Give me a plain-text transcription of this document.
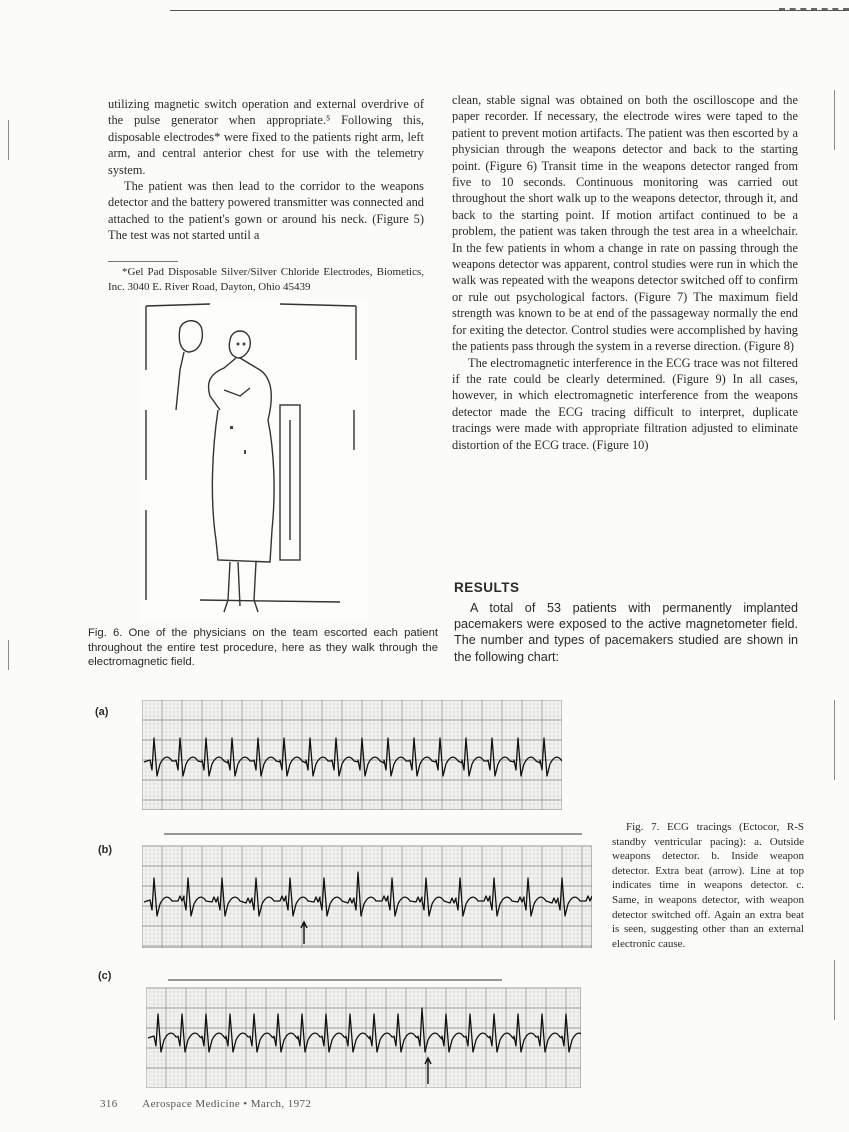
utilizing magnetic switch operation and external overdrive of the pulse generator when appropriate.⁵ Following this, disposable electrodes* were fixed to the patients right arm, left arm, and central anterior chest for use with the telemetry system.

The patient was then lead to the corridor to the weapons detector and the battery powered transmitter was connected and attached to the patient's gown or around his neck. (Figure 5) The test was not started until a

*Gel Pad Disposable Silver/Silver Chloride Electrodes, Biometics, Inc. 3040 E. River Road, Dayton, Ohio 45439
Fig. 6. One of the physicians on the team escorted each patient throughout the entire test procedure, here as they walk through the electromagnetic field.

clean, stable signal was obtained on both the oscilloscope and the paper recorder. If necessary, the electrode wires were taped to the patient to prevent motion artifacts. The patient was then escorted by a physician through the weapons detector and back to the starting point. (Figure 6) Transit time in the weapons detector ranged from five to 10 seconds. Continuous monitoring was carried out throughout the short walk up to the weapons detector, through it, and back to the starting point. If motion artifact continued to be a problem, the patient was taken through the test area in a wheelchair. In the few patients in whom a change in rate on passing through the weapons detector was apparent, control studies were run in which the walk was repeated with the weapons detector switched off to confirm or rule out psychological factors. (Figure 7) The maximum field strength was known to be at end of the passageway normally the end for exiting the detector. Control studies were accomplished by having the patients pass through the system in a reverse direction. (Figure 8)

The electromagnetic interference in the ECG trace was not filtered if the rate could be clearly determined. (Figure 9) In all cases, however, in which electromagnetic interference from the weapons detector made the ECG tracing difficult to interpret, duplicate tracings were made with appropriate filtration adjusted to eliminate distortion of the ECG trace. (Figure 10)

RESULTS

A total of 53 patients with permanently implanted pacemakers were exposed to the active magnetometer field. The number and types of pacemakers studied are shown in the following chart:

(a)
(b)
(c)
Fig. 7. ECG tracings (Ectocor, R-S standby ventricular pacing): a. Outside weapons detector. b. Inside weapon detector. Extra beat (arrow). Line at top indicates time in weapons detector. c. Same, in weapons detector, with weapon detector switched off. Again an extra beat is seen, suggesting other than an external electronic cause.
316 Aerospace Medicine • March, 1972
